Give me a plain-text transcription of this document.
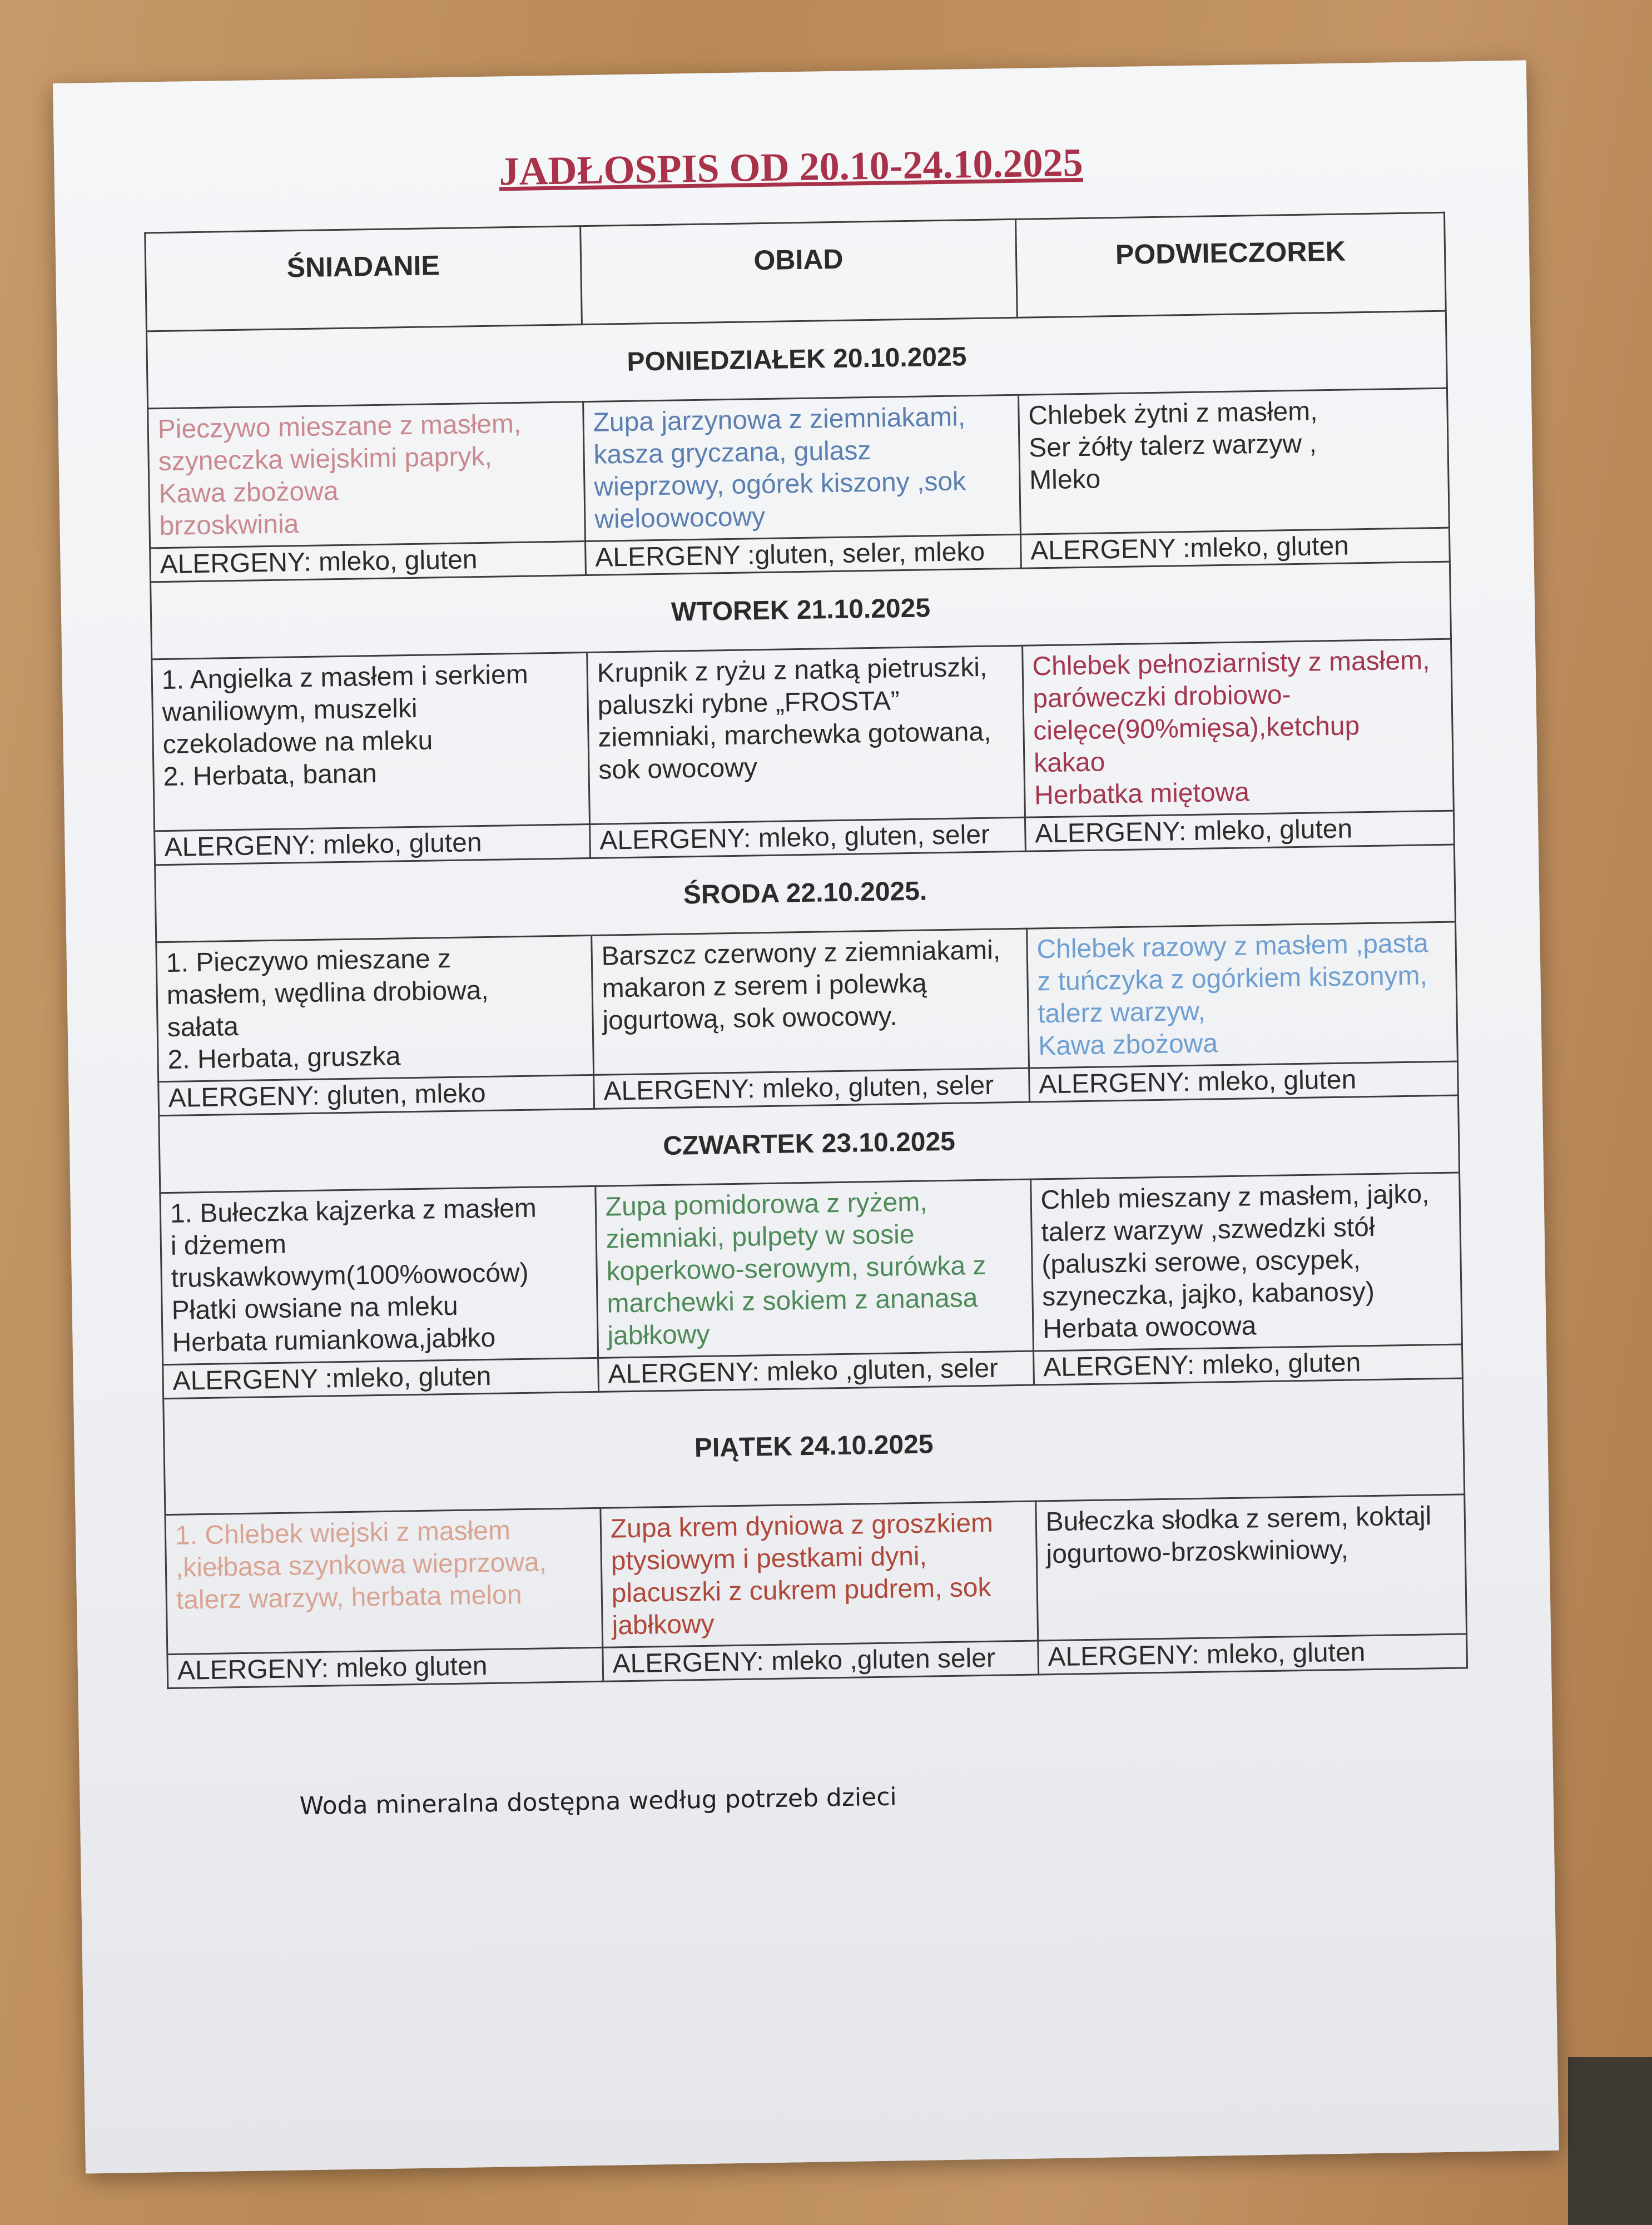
JADŁOSPIS OD 20.10-24.10.2025
ŚNIADANIE	OBIAD	PODWIECZOREK
PONIEDZIAŁEK 20.10.2025		
Pieczywo mieszane z masłem,
szyneczka wiejskimi papryk,
Kawa zbożowa
brzoskwinia	Zupa jarzynowa z ziemniakami,
kasza gryczana, gulasz
wieprzowy, ogórek kiszony ,sok
wieloowocowy	Chlebek żytni z masłem,
Ser żółty talerz warzyw ,
Mleko
ALERGENY: mleko, gluten	ALERGENY :gluten, seler, mleko	ALERGENY :mleko, gluten
WTOREK 21.10.2025		
1. Angielka z masłem i serkiem
waniliowym, muszelki
czekoladowe na mleku
2. Herbata, banan	Krupnik z ryżu z natką pietruszki,
paluszki rybne „FROSTA”
ziemniaki, marchewka gotowana,
sok owocowy	Chlebek pełnoziarnisty z masłem,
paróweczki drobiowo-
cielęce(90%mięsa),ketchup
kakao
Herbatka miętowa
ALERGENY: mleko, gluten	ALERGENY: mleko, gluten, seler	ALERGENY: mleko, gluten
ŚRODA 22.10.2025.		
1. Pieczywo mieszane z
masłem, wędlina drobiowa,
sałata
2. Herbata, gruszka	Barszcz czerwony z ziemniakami,
makaron z serem i polewką
jogurtową, sok owocowy.	Chlebek razowy z masłem ,pasta
z tuńczyka z ogórkiem kiszonym,
talerz warzyw,
Kawa zbożowa
ALERGENY: gluten, mleko	ALERGENY: mleko, gluten, seler	ALERGENY: mleko, gluten
CZWARTEK 23.10.2025		
1. Bułeczka kajzerka z masłem
i dżemem
truskawkowym(100%owoców)
Płatki owsiane na mleku
Herbata rumiankowa,jabłko	Zupa pomidorowa z ryżem,
ziemniaki, pulpety w sosie
koperkowo-serowym, surówka z
marchewki z sokiem z ananasa
jabłkowy	Chleb mieszany z masłem, jajko,
talerz warzyw ,szwedzki stół
(paluszki serowe, oscypek,
szyneczka, jajko, kabanosy)
Herbata owocowa
ALERGENY :mleko, gluten	ALERGENY: mleko ,gluten, seler	ALERGENY: mleko, gluten
PIĄTEK 24.10.2025		
1. Chlebek wiejski z masłem
,kiełbasa szynkowa wieprzowa,
talerz warzyw, herbata melon	Zupa krem dyniowa z groszkiem
ptysiowym i pestkami dyni,
placuszki z cukrem pudrem, sok
jabłkowy	Bułeczka słodka z serem, koktajl
jogurtowo-brzoskwiniowy,
ALERGENY: mleko gluten	ALERGENY: mleko ,gluten seler	ALERGENY: mleko, gluten
Woda mineralna dostępna według potrzeb dzieci
